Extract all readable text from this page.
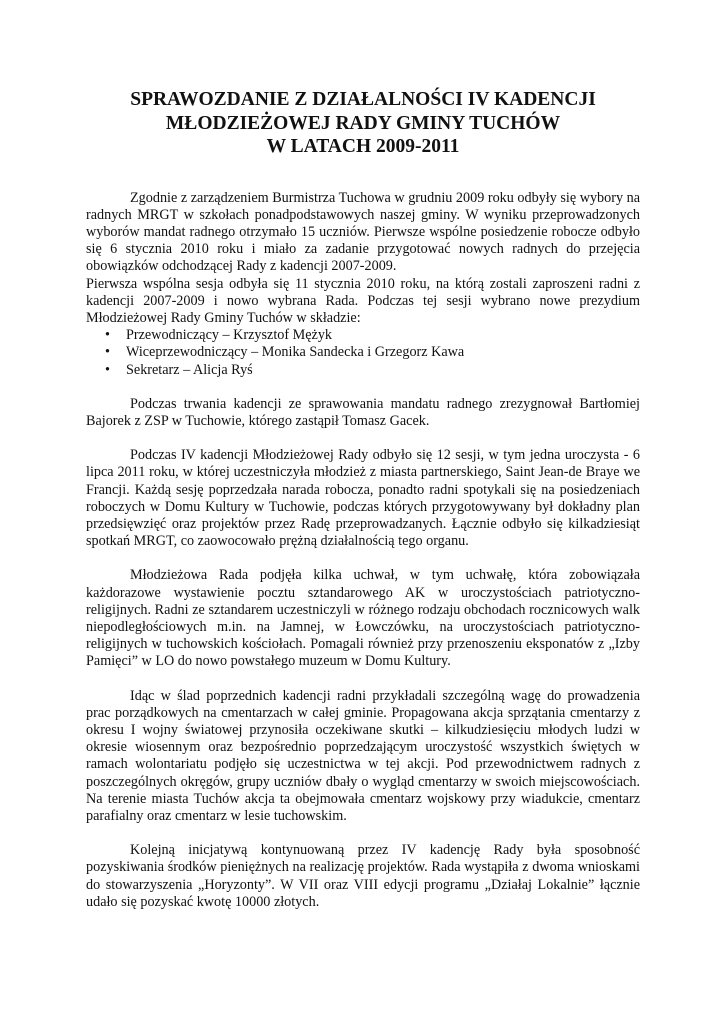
SPRAWOZDANIE Z DZIAŁALNOŚCI IV KADENCJI
MŁODZIEŻOWEJ RADY GMINY TUCHÓW
W LATACH 2009-2011

Zgodnie z zarządzeniem Burmistrza Tuchowa w grudniu 2009 roku odbyły się wybory na radnych MRGT w szkołach ponadpodstawowych naszej gminy. W wyniku przeprowadzonych wyborów mandat radnego otrzymało 15 uczniów. Pierwsze wspólne posiedzenie robocze odbyło się 6 stycznia 2010 roku i miało za zadanie przygotować nowych radnych do przejęcia obowiązków odchodzącej Rady z kadencji 2007-2009.

Pierwsza wspólna sesja odbyła się 11 stycznia 2010 roku, na którą zostali zaproszeni radni z kadencji 2007-2009 i nowo wybrana Rada. Podczas tej sesji wybrano nowe prezydium Młodzieżowej Rady Gminy Tuchów w składzie:

• Przewodniczący – Krzysztof Mężyk
• Wiceprzewodniczący – Monika Sandecka i Grzegorz Kawa
• Sekretarz – Alicja Ryś

Podczas trwania kadencji ze sprawowania mandatu radnego zrezygnował Bartłomiej Bajorek z ZSP w Tuchowie, którego zastąpił Tomasz Gacek.

Podczas IV kadencji Młodzieżowej Rady odbyło się 12 sesji, w tym jedna uroczysta - 6 lipca 2011 roku, w której uczestniczyła młodzież z miasta partnerskiego, Saint Jean-de Braye we Francji. Każdą sesję poprzedzała narada robocza, ponadto radni spotykali się na posiedzeniach roboczych w Domu Kultury w Tuchowie, podczas których przygotowywany był dokładny plan przedsięwzięć oraz projektów przez Radę przeprowadzanych. Łącznie odbyło się kilkadziesiąt spotkań MRGT, co zaowocowało prężną działalnością tego organu.

Młodzieżowa Rada podjęła kilka uchwał, w tym uchwałę, która zobowiązała każdorazowe wystawienie pocztu sztandarowego AK w uroczystościach patriotyczno-religijnych. Radni ze sztandarem uczestniczyli w różnego rodzaju obchodach rocznicowych walk niepodległościowych m.in. na Jamnej, w Łowczówku, na uroczystościach patriotyczno-religijnych w tuchowskich kościołach. Pomagali również przy przenoszeniu eksponatów z „Izby Pamięci” w LO do nowo powstałego muzeum w Domu Kultury.

Idąc w ślad poprzednich kadencji radni przykładali szczególną wagę do prowadzenia prac porządkowych na cmentarzach w całej gminie. Propagowana akcja sprzątania cmentarzy z okresu I wojny światowej przynosiła oczekiwane skutki – kilkudziesięciu młodych ludzi w okresie wiosennym oraz bezpośrednio poprzedzającym uroczystość wszystkich świętych w ramach wolontariatu podjęło się uczestnictwa w tej akcji. Pod przewodnictwem radnych z poszczególnych okręgów, grupy uczniów dbały o wygląd cmentarzy w swoich miejscowościach. Na terenie miasta Tuchów akcja ta obejmowała cmentarz wojskowy przy wiadukcie, cmentarz parafialny oraz cmentarz w lesie tuchowskim.

Kolejną inicjatywą kontynuowaną przez IV kadencję Rady była sposobność pozyskiwania środków pieniężnych na realizację projektów. Rada wystąpiła z dwoma wnioskami do stowarzyszenia „Horyzonty”. W VII oraz VIII edycji programu „Działaj Lokalnie” łącznie udało się pozyskać kwotę 10000 złotych.
